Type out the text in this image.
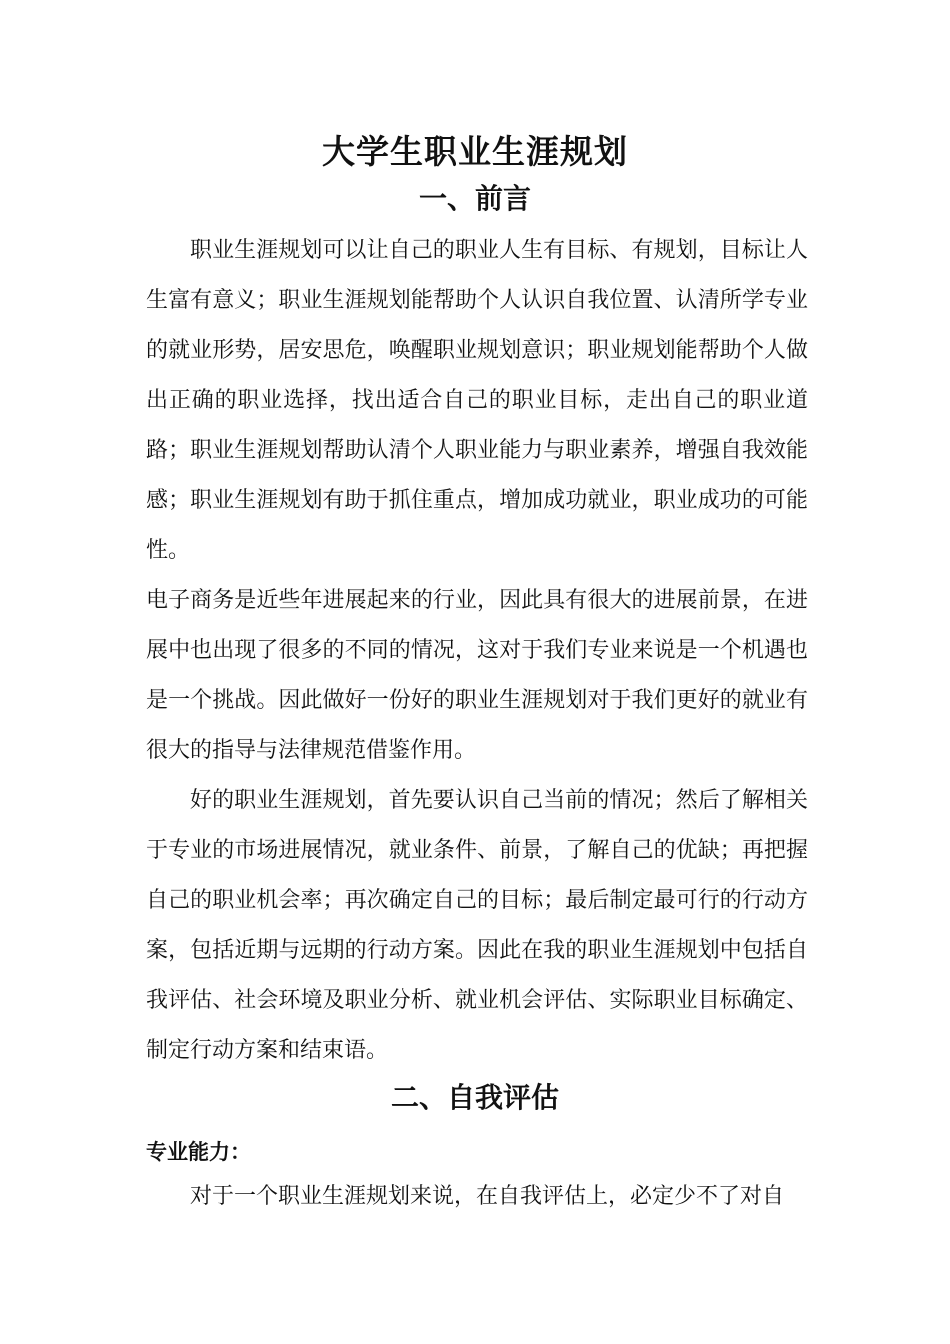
大学生职业生涯规划
一、前言

职业生涯规划可以让自己的职业人生有目标、有规划，目标让人生富有意义；职业生涯规划能帮助个人认识自我位置、认清所学专业的就业形势，居安思危，唤醒职业规划意识；职业规划能帮助个人做出正确的职业选择，找出适合自己的职业目标，走出自己的职业道路；职业生涯规划帮助认清个人职业能力与职业素养，增强自我效能感；职业生涯规划有助于抓住重点，增加成功就业，职业成功的可能性。

电子商务是近些年进展起来的行业，因此具有很大的进展前景，在进展中也出现了很多的不同的情况，这对于我们专业来说是一个机遇也是一个挑战。因此做好一份好的职业生涯规划对于我们更好的就业有很大的指导与法律规范借鉴作用。

好的职业生涯规划，首先要认识自己当前的情况；然后了解相关于专业的市场进展情况，就业条件、前景，了解自己的优缺；再把握自己的职业机会率；再次确定自己的目标；最后制定最可行的行动方案，包括近期与远期的行动方案。因此在我的职业生涯规划中包括自我评估、社会环境及职业分析、就业机会评估、实际职业目标确定、制定行动方案和结束语。

二、自我评估
专业能力：

对于一个职业生涯规划来说，在自我评估上，必定少不了对自
